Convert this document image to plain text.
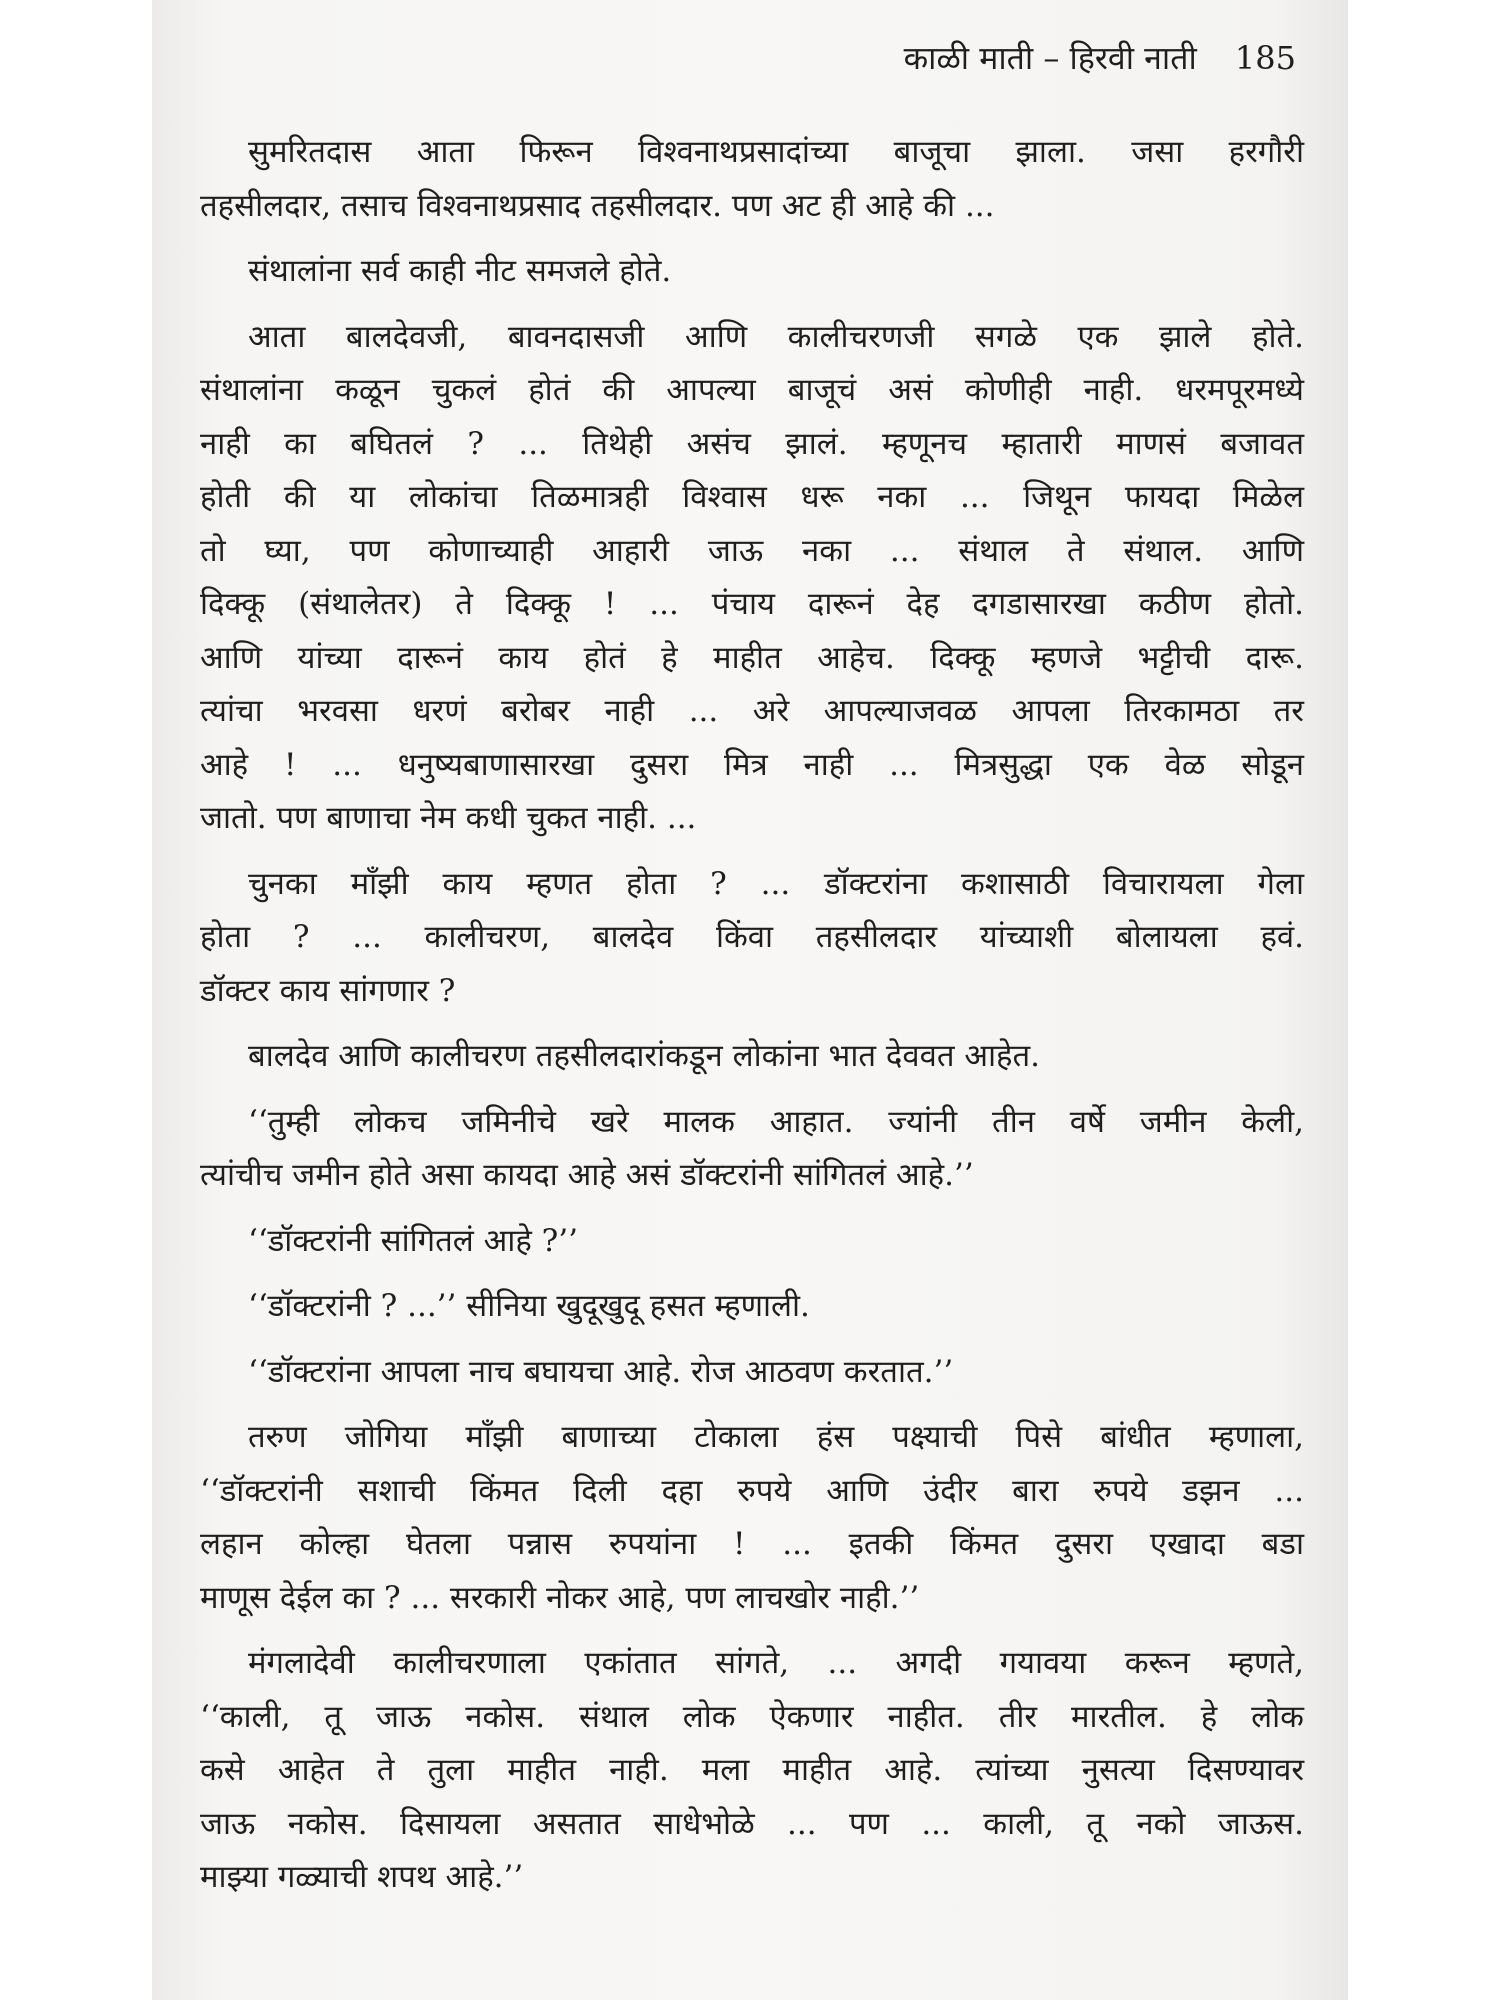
काळी माती – हिरवी नाती 185
सुमरितदास आता फिरून विश्वनाथप्रसादांच्या बाजूचा झाला. जसा हरगौरी
तहसीलदार, तसाच विश्वनाथप्रसाद तहसीलदार. पण अट ही आहे की ...
संथालांना सर्व काही नीट समजले होते.
आता बालदेवजी, बावनदासजी आणि कालीचरणजी सगळे एक झाले होते.
संथालांना कळून चुकलं होतं की आपल्या बाजूचं असं कोणीही नाही. धरमपूरमध्ये
नाही का बघितलं ? ... तिथेही असंच झालं. म्हणूनच म्हातारी माणसं बजावत
होती की या लोकांचा तिळमात्रही विश्वास धरू नका ... जिथून फायदा मिळेल
तो घ्या, पण कोणाच्याही आहारी जाऊ नका ... संथाल ते संथाल. आणि
दिक्कू (संथालेतर) ते दिक्कू ! ... पंचाय दारूनं देह दगडासारखा कठीण होतो.
आणि यांच्या दारूनं काय होतं हे माहीत आहेच. दिक्कू म्हणजे भट्टीची दारू.
त्यांचा भरवसा धरणं बरोबर नाही ... अरे आपल्याजवळ आपला तिरकामठा तर
आहे ! ... धनुष्यबाणासारखा दुसरा मित्र नाही ... मित्रसुद्धा एक वेळ सोडून
जातो. पण बाणाचा नेम कधी चुकत नाही. ...
चुनका माँझी काय म्हणत होता ? ... डॉक्टरांना कशासाठी विचारायला गेला
होता ? ... कालीचरण, बालदेव किंवा तहसीलदार यांच्याशी बोलायला हवं.
डॉक्टर काय सांगणार ?
बालदेव आणि कालीचरण तहसीलदारांकडून लोकांना भात देववत आहेत.
‘‘तुम्ही लोकच जमिनीचे खरे मालक आहात. ज्यांनी तीन वर्षे जमीन केली,
त्यांचीच जमीन होते असा कायदा आहे असं डॉक्टरांनी सांगितलं आहे.’’
‘‘डॉक्टरांनी सांगितलं आहे ?’’
‘‘डॉक्टरांनी ? ...’’ सीनिया खुदूखुदू हसत म्हणाली.
‘‘डॉक्टरांना आपला नाच बघायचा आहे. रोज आठवण करतात.’’
तरुण जोगिया माँझी बाणाच्या टोकाला हंस पक्ष्याची पिसे बांधीत म्हणाला,
‘‘डॉक्टरांनी सशाची किंमत दिली दहा रुपये आणि उंदीर बारा रुपये डझन ...
लहान कोल्हा घेतला पन्नास रुपयांना ! ... इतकी किंमत दुसरा एखादा बडा
माणूस देईल का ? ... सरकारी नोकर आहे, पण लाचखोर नाही.’’
मंगलादेवी कालीचरणाला एकांतात सांगते, ... अगदी गयावया करून म्हणते,
‘‘काली, तू जाऊ नकोस. संथाल लोक ऐकणार नाहीत. तीर मारतील. हे लोक
कसे आहेत ते तुला माहीत नाही. मला माहीत आहे. त्यांच्या नुसत्या दिसण्यावर
जाऊ नकोस. दिसायला असतात साधेभोळे ... पण ... काली, तू नको जाऊस.
माझ्या गळ्याची शपथ आहे.’’
